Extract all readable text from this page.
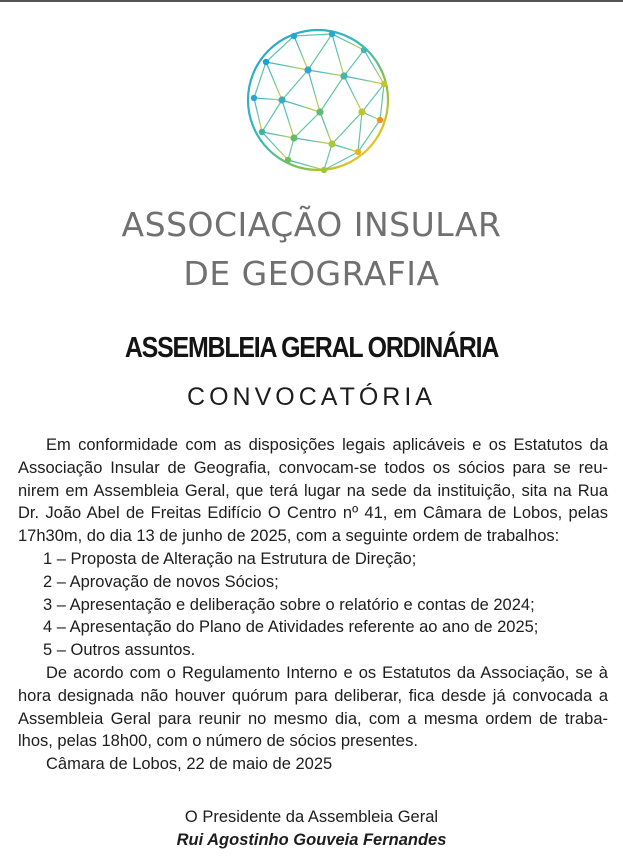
ASSOCIAÇÃO INSULAR
DE GEOGRAFIA
ASSEMBLEIA GERAL ORDINÁRIA
CONVOCATÓRIA

Em conformidade com as disposições legais aplicáveis e os Estatutos da

Associação Insular de Geografia, convocam-se todos os sócios para se reu-

nirem em Assembleia Geral, que terá lugar na sede da instituição, sita na Rua

Dr. João Abel de Freitas Edifício O Centro nº 41, em Câmara de Lobos, pelas

17h30m, do dia 13 de junho de 2025, com a seguinte ordem de trabalhos:

1 – Proposta de Alteração na Estrutura de Direção;

2 – Aprovação de novos Sócios;

3 – Apresentação e deliberação sobre o relatório e contas de 2024;

4 – Apresentação do Plano de Atividades referente ao ano de 2025;

5 – Outros assuntos.

De acordo com o Regulamento Interno e os Estatutos da Associação, se à

hora designada não houver quórum para deliberar, fica desde já convocada a

Assembleia Geral para reunir no mesmo dia, com a mesma ordem de traba-

lhos, pelas 18h00, com o número de sócios presentes.

Câmara de Lobos, 22 de maio de 2025

O Presidente da Assembleia Geral
Rui Agostinho Gouveia Fernandes
